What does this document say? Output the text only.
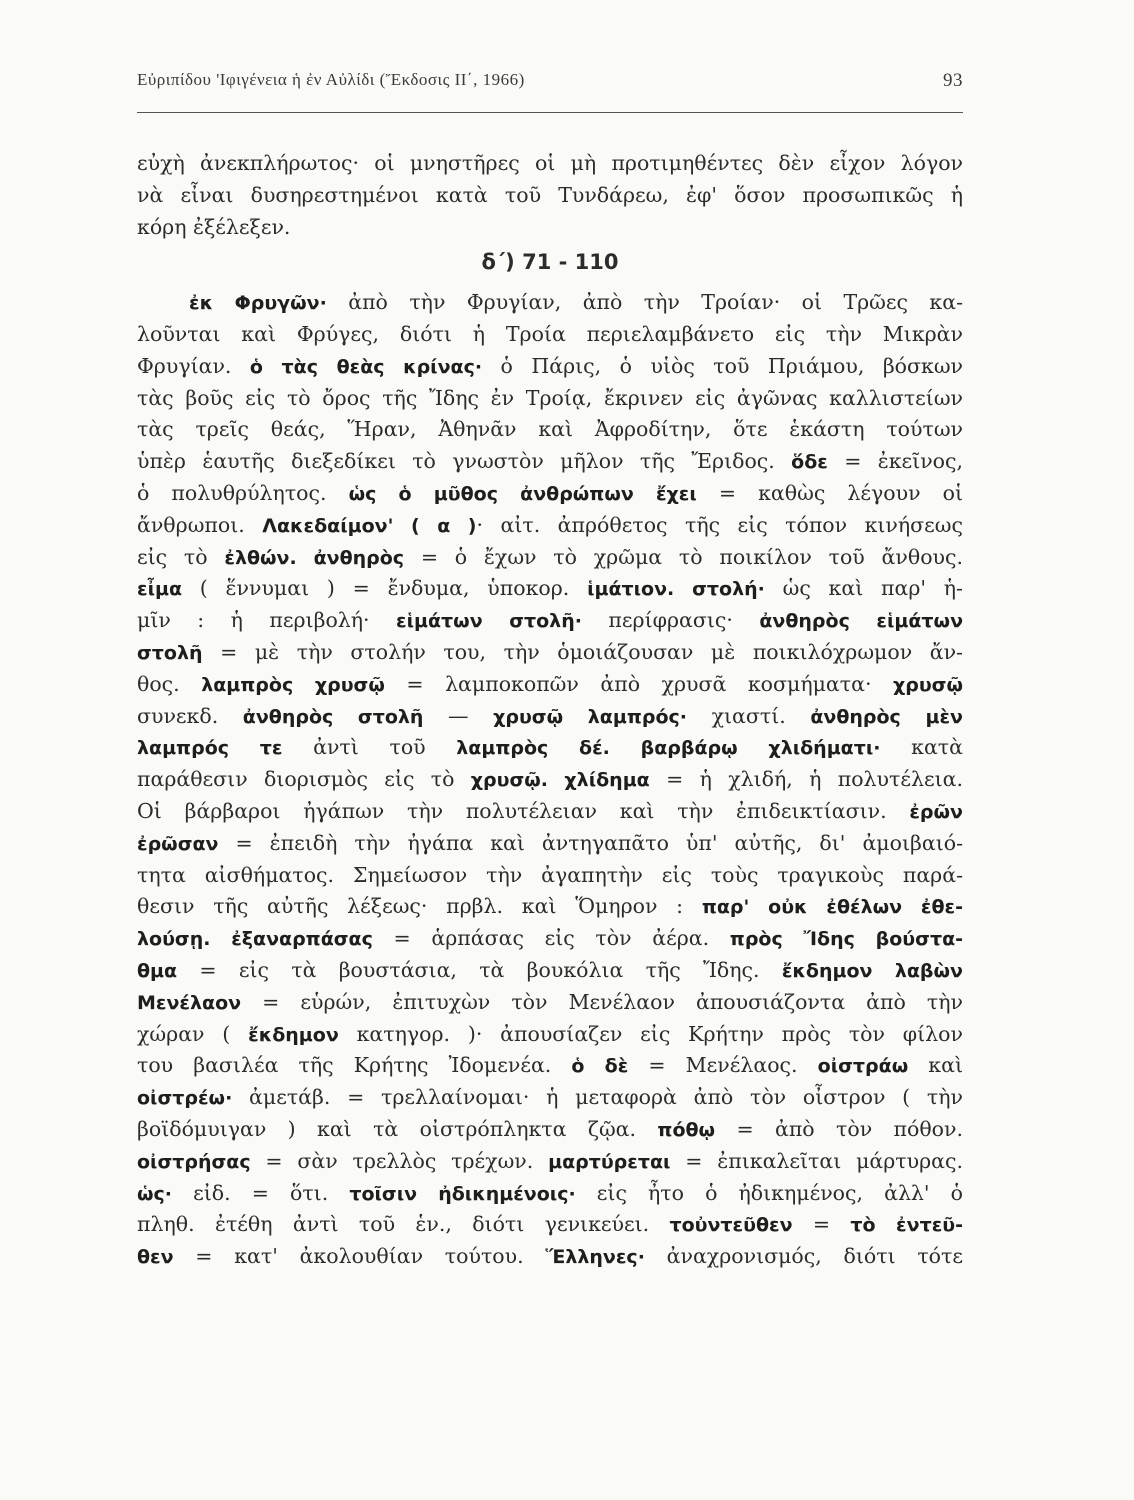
Εὐριπίδου 'Ιφιγένεια ἡ ἐν Αὐλίδι (Ἔκδοσις II΄, 1966)	93
εὐχὴ ἀνεκπλήρωτος· οἱ μνηστῆρες οἱ μὴ προτιμηθέντες δὲν εἶχον λόγον
νὰ εἶναι δυσηρεστημένοι κατὰ τοῦ Τυνδάρεω, ἐφ' ὅσον προσωπικῶς ἡ
κόρη ἐξέλεξεν.
δ΄) 71 - 110
ἐκ Φρυγῶν· ἀπὸ τὴν Φρυγίαν, ἀπὸ τὴν Τροίαν· οἱ Τρῶες κα-
λοῦνται καὶ Φρύγες, διότι ἡ Τροία περιελαμβάνετο εἰς τὴν Μικρὰν
Φρυγίαν. ὁ τὰς θεὰς κρίνας· ὁ Πάρις, ὁ υἱὸς τοῦ Πριάμου, βόσκων
τὰς βοῦς εἰς τὸ ὄρος τῆς Ἴδης ἐν Τροίᾳ, ἔκρινεν εἰς ἀγῶνας καλλιστείων
τὰς τρεῖς θεάς, Ἥραν, Ἀθηνᾶν καὶ Ἀφροδίτην, ὅτε ἑκάστη τούτων
ὑπὲρ ἑαυτῆς διεξεδίκει τὸ γνωστὸν μῆλον τῆς Ἔριδος. ὅδε = ἐκεῖνος,
ὁ πολυθρύλητος. ὡς ὁ μῦθος ἀνθρώπων ἔχει = καθὼς λέγουν οἱ
ἄνθρωποι. Λακεδαίμον' ( α )· αἰτ. ἀπρόθετος τῆς εἰς τόπον κινήσεως
εἰς τὸ ἐλθών. ἀνθηρὸς = ὁ ἔχων τὸ χρῶμα τὸ ποικίλον τοῦ ἄνθους.
εἶμα ( ἕννυμαι ) = ἔνδυμα, ὑποκορ. ἱμάτιον. στολή· ὡς καὶ παρ' ἡ-
μῖν : ἡ περιβολή· εἱμάτων στολῆ· περίφρασις· ἀνθηρὸς εἱμάτων
στολῆ = μὲ τὴν στολήν του, τὴν ὁμοιάζουσαν μὲ ποικιλόχρωμον ἄν-
θος. λαμπρὸς χρυσῷ = λαμποκοπῶν ἀπὸ χρυσᾶ κοσμήματα· χρυσῷ
συνεκδ. ἀνθηρὸς στολῆ — χρυσῷ λαμπρός· χιαστί. ἀνθηρὸς μὲν
λαμπρός τε ἀντὶ τοῦ λαμπρὸς δέ. βαρβάρῳ χλιδήματι· κατὰ
παράθεσιν διορισμὸς εἰς τὸ χρυσῷ. χλίδημα = ἡ χλιδή, ἡ πολυτέλεια.
Οἱ βάρβαροι ἠγάπων τὴν πολυτέλειαν καὶ τὴν ἐπιδεικτίασιν. ἐρῶν
ἐρῶσαν = ἐπειδὴ τὴν ἠγάπα καὶ ἀντηγαπᾶτο ὑπ' αὐτῆς, δι' ἀμοιβαιό-
τητα αἰσθήματος. Σημείωσον τὴν ἀγαπητὴν εἰς τοὺς τραγικοὺς παρά-
θεσιν τῆς αὐτῆς λέξεως· πρβλ. καὶ Ὅμηρον : παρ' οὐκ ἐθέλων ἐθε-
λούσῃ. ἐξαναρπάσας = ἁρπάσας εἰς τὸν ἀέρα. πρὸς Ἴδης βούστα-
θμα = εἰς τὰ βουστάσια, τὰ βουκόλια τῆς Ἴδης. ἔκδημον λαβὼν
Μενέλαον = εὑρών, ἐπιτυχὼν τὸν Μενέλαον ἀπουσιάζοντα ἀπὸ τὴν
χώραν ( ἔκδημον κατηγορ. )· ἀπουσίαζεν εἰς Κρήτην πρὸς τὸν φίλον
του βασιλέα τῆς Κρήτης Ἰδομενέα. ὁ δὲ = Μενέλαος. οἰστράω καὶ
οἰστρέω· ἀμετάβ. = τρελλαίνομαι· ἡ μεταφορὰ ἀπὸ τὸν οἶστρον ( τὴν
βοϊδόμυιγαν ) καὶ τὰ οἰστρόπληκτα ζῷα. πόθῳ = ἀπὸ τὸν πόθον.
οἰστρήσας = σὰν τρελλὸς τρέχων. μαρτύρεται = ἐπικαλεῖται μάρτυρας.
ὡς· εἰδ. = ὅτι. τοῖσιν ἠδικημένοις· εἰς ἦτο ὁ ἠδικημένος, ἀλλ' ὁ
πληθ. ἐτέθη ἀντὶ τοῦ ἑν., διότι γενικεύει. τοὐντεῦθεν = τὸ ἐντεῦ-
θεν = κατ' ἀκολουθίαν τούτου. Ἕλληνες· ἀναχρονισμός, διότι τότε
